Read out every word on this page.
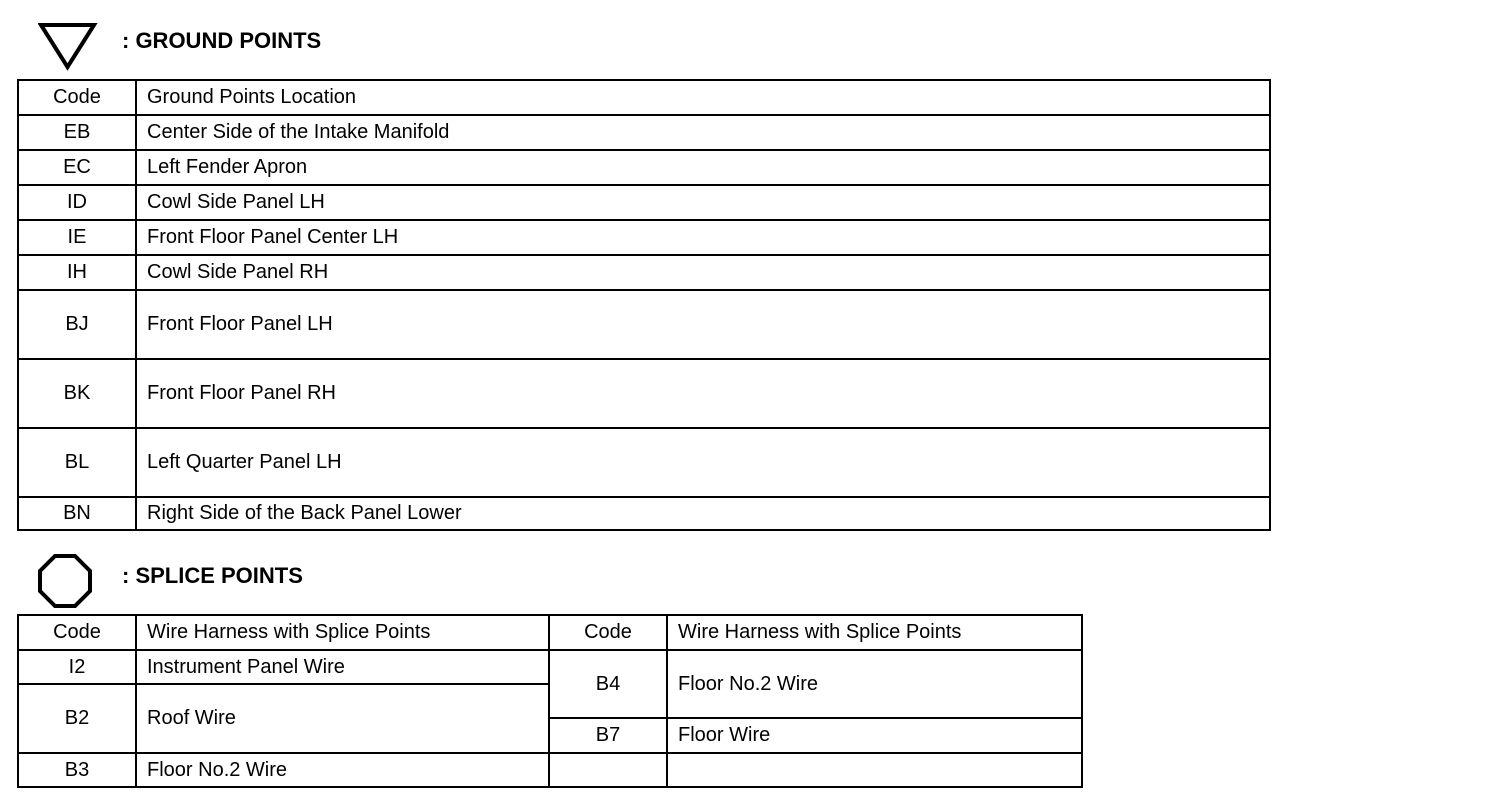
: GROUND POINTS
Code	Ground Points Location
EB	Center Side of the Intake Manifold
EC	Left Fender Apron
ID	Cowl Side Panel LH
IE	Front Floor Panel Center LH
IH	Cowl Side Panel RH
BJ	Front Floor Panel LH
BK	Front Floor Panel RH
BL	Left Quarter Panel LH
BN	Right Side of the Back Panel Lower
: SPLICE POINTS
Code	Wire Harness with Splice Points	Code	Wire Harness with Splice Points
I2	Instrument Panel Wire	B4	Floor No.2 Wire
B2	Roof Wire		
		B7	Floor Wire
B3	Floor No.2 Wire		
